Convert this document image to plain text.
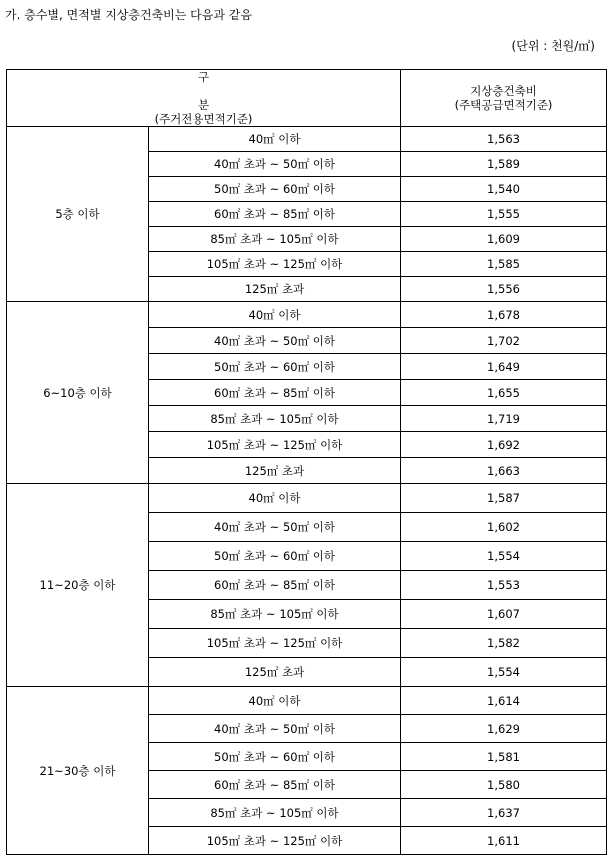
가. 층수별, 면적별 지상층건축비는 다음과 같음
(단위 : 천원/㎡)
구
분
(주거전용면적기준)		지상층건축비
(주택공급면적기준)

5층 이하	40㎡ 이하	1,563
	40㎡ 초과 ~ 50㎡ 이하	1,589
	50㎡ 초과 ~ 60㎡ 이하	1,540
	60㎡ 초과 ~ 85㎡ 이하	1,555
	85㎡ 초과 ~ 105㎡ 이하	1,609
	105㎡ 초과 ~ 125㎡ 이하	1,585
	125㎡ 초과	1,556
6~10층 이하	40㎡ 이하	1,678
	40㎡ 초과 ~ 50㎡ 이하	1,702
	50㎡ 초과 ~ 60㎡ 이하	1,649
	60㎡ 초과 ~ 85㎡ 이하	1,655
	85㎡ 초과 ~ 105㎡ 이하	1,719
	105㎡ 초과 ~ 125㎡ 이하	1,692
	125㎡ 초과	1,663
11~20층 이하	40㎡ 이하	1,587
	40㎡ 초과 ~ 50㎡ 이하	1,602
	50㎡ 초과 ~ 60㎡ 이하	1,554
	60㎡ 초과 ~ 85㎡ 이하	1,553
	85㎡ 초과 ~ 105㎡ 이하	1,607
	105㎡ 초과 ~ 125㎡ 이하	1,582
	125㎡ 초과	1,554
21~30층 이하	40㎡ 이하	1,614
	40㎡ 초과 ~ 50㎡ 이하	1,629
	50㎡ 초과 ~ 60㎡ 이하	1,581
	60㎡ 초과 ~ 85㎡ 이하	1,580
	85㎡ 초과 ~ 105㎡ 이하	1,637
	105㎡ 초과 ~ 125㎡ 이하	1,611
